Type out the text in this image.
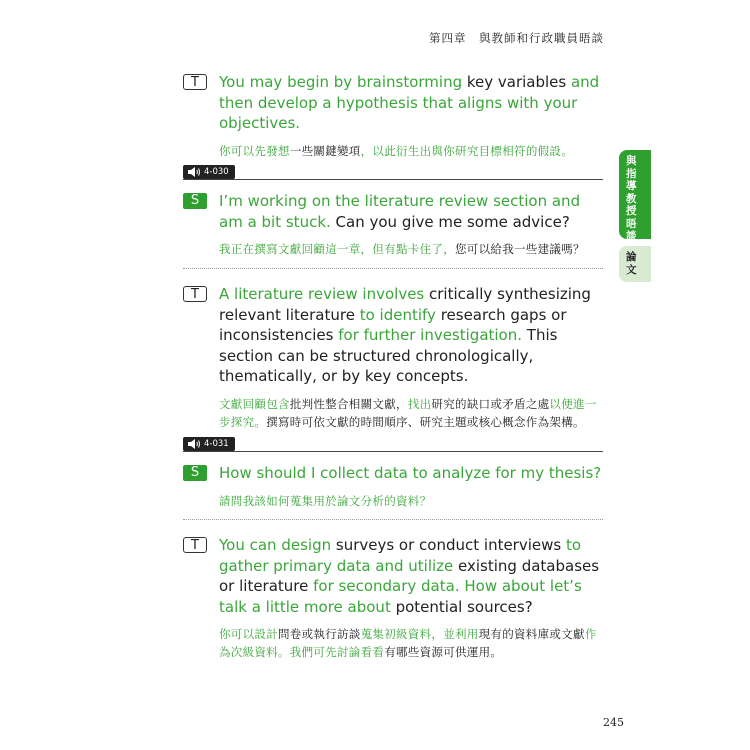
第四章　與教師和行政職員晤談
T	You may begin by brainstorming key variables and then develop a hypothesis that aligns with your objectives.
你可以先發想一些關鍵變項，以此衍生出與你研究目標相符的假設。
4-030
S	I’m working on the literature review section and am a bit stuck. Can you give me some advice?
我正在撰寫文獻回顧這一章，但有點卡住了，您可以給我一些建議嗎？
T	A literature review involves critically synthesizing relevant literature to identify research gaps or inconsistencies for further investigation. This section can be structured chronologically, thematically, or by key concepts.
文獻回顧包含批判性整合相關文獻，找出研究的缺口或矛盾之處以便進一步探究。撰寫時可依文獻的時間順序、研究主題或核心概念作為架構。
4-031
S	How should I collect data to analyze for my thesis?
請問我該如何蒐集用於論文分析的資料？
T	You can design surveys or conduct interviews to gather primary data and utilize existing databases or literature for secondary data. How about let’s talk a little more about potential sources?
你可以設計問卷或執行訪談蒐集初級資料，並利用現有的資料庫或文獻作為次級資料。我們可先討論看看有哪些資源可供運用。
與指導教授晤談
論文
245
